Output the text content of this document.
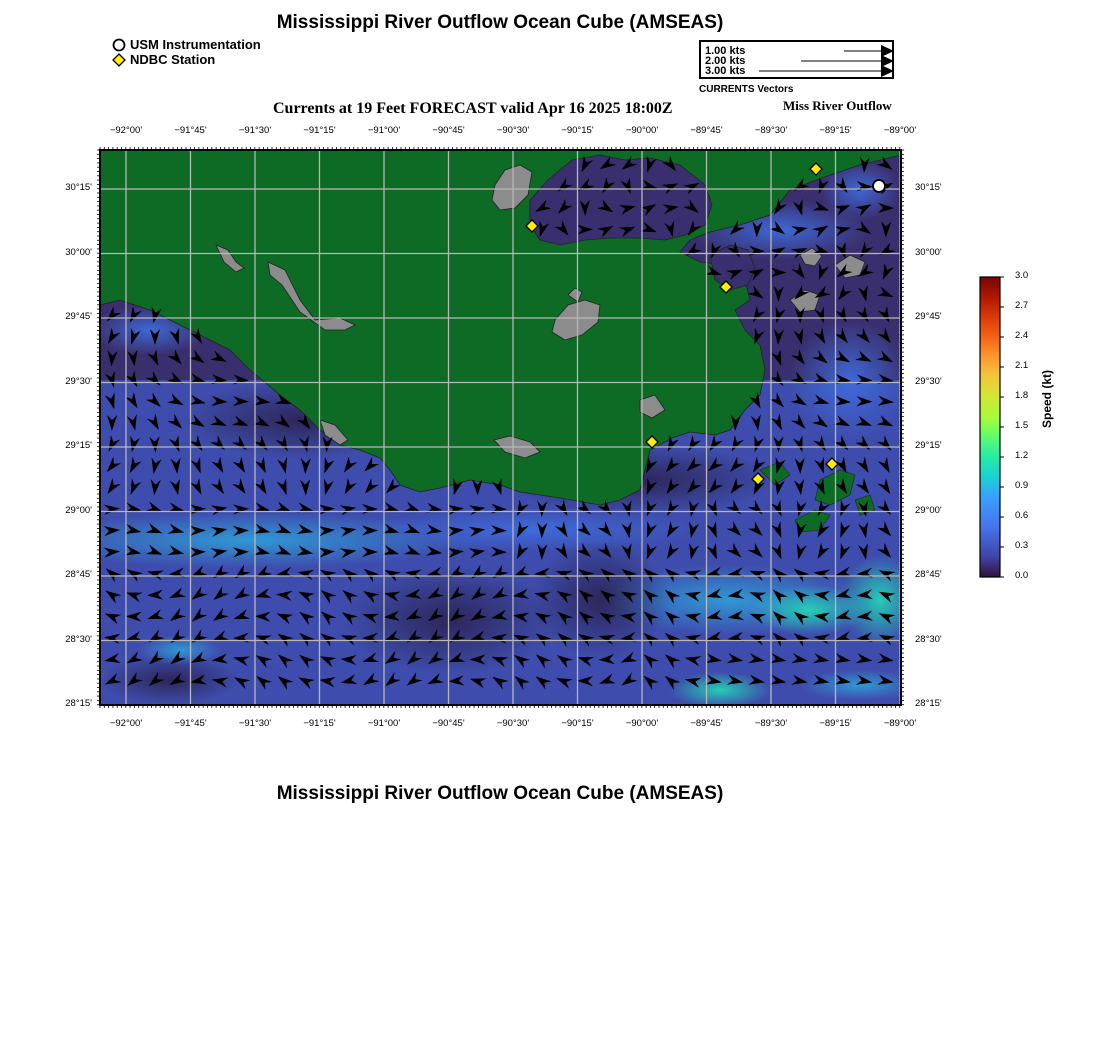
Mississippi River Outflow Ocean Cube (AMSEAS)
USM Instrumentation
NDBC Station
1.00 kts
2.00 kts
3.00 kts
CURRENTS Vectors
Currents at 19 Feet FORECAST valid Apr 16 2025 18:00Z	Miss River Outflow
−92°00'	−91°45'	−91°30'	−91°15'	−91°00'	−90°45'	−90°30'	−90°15'	−90°00'	−89°45'	−89°30'	−89°15'	−89°00'
−92°00'	−91°45'	−91°30'	−91°15'	−91°00'	−90°45'	−90°30'	−90°15'	−90°00'	−89°45'	−89°30'	−89°15'	−89°00'
30°15'
30°00'
29°45'
29°30'
29°15'
29°00'
28°45'
28°30'
28°15'
30°15'
30°00'
29°45'
29°30'
29°15'
29°00'
28°45'
28°30'
28°15'
3.0
2.7
2.4
2.1
1.8
1.5
1.2
0.9
0.6
0.3
0.0
Speed (kt)
Mississippi River Outflow Ocean Cube (AMSEAS)
